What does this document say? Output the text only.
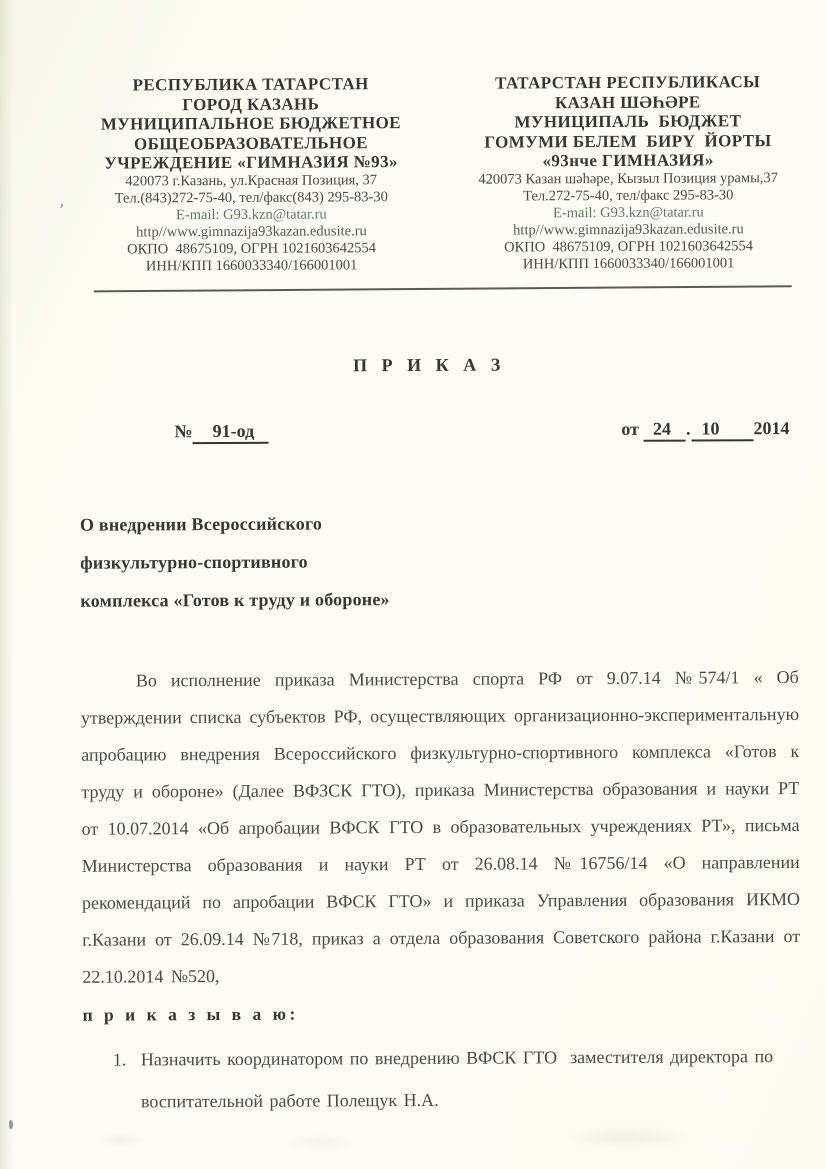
РЕСПУБЛИКА ТАТАРСТАН
ГОРОД КАЗАНЬ
МУНИЦИПАЛЬНОЕ БЮДЖЕТНОЕ
ОБЩЕОБРАЗОВАТЕЛЬНОЕ
УЧРЕЖДЕНИЕ «ГИМНАЗИЯ №93»
420073 г.Казань, ул.Красная Позиция, 37
Тел.(843)272-75-40, тел/факс(843) 295-83-30
E-mail: G93.kzn@tatar.ru
http//www.gimnazija93kazan.edusite.ru
ОКПО  48675109, ОГРН 1021603642554
ИНН/КПП 1660033340/166001001
ТАТАРСТАН РЕСПУБЛИКАСЫ
КАЗАН ШӘҺӘРЕ
МУНИЦИПАЛЬ  БЮДЖЕТ
ГОМУМИ БЕЛЕМ  БИРҮ  ЙОРТЫ
«93нче ГИМНАЗИЯ»
420073 Казан шәһәре, Кызыл Позиция урамы,37
Тел.272-75-40, тел/факс 295-83-30
E-mail: G93.kzn@tatar.ru
http//www.gimnazija93kazan.edusite.ru
ОКПО  48675109, ОГРН 1021603642554
ИНН/КПП 1660033340/166001001
П Р И К А З
№ 91-од	от 24 . 10 2014
О внедрении Всероссийского
физкультурно-спортивного
комплекса «Готов к труду и обороне»

Во исполнение приказа Министерства спорта РФ от 9.07.14 №574/1 « Об утверждении списка субъектов РФ, осуществляющих организационно-экспериментальную апробацию внедрения Всероссийского физкультурно-спортивного комплекса «Готов к труду и обороне» (Далее ВФЗСК ГТО), приказа Министерства образования и науки РТ от 10.07.2014 «Об апробации ВФСК ГТО в образовательных учреждениях РТ», письма Министерства образования и науки РТ от 26.08.14 №16756/14 «О направлении рекомендаций по апробации ВФСК ГТО» и приказа Управления образования ИКМО г.Казани от 26.09.14 №718, приказ а отдела образования Советского района г.Казани от 22.10.2014 №520,

п р и к а з ы в а ю:

1. Назначить координатором по внедрению ВФСК ГТО  заместителя директора по воспитательной работе Полещук Н.А.
,
